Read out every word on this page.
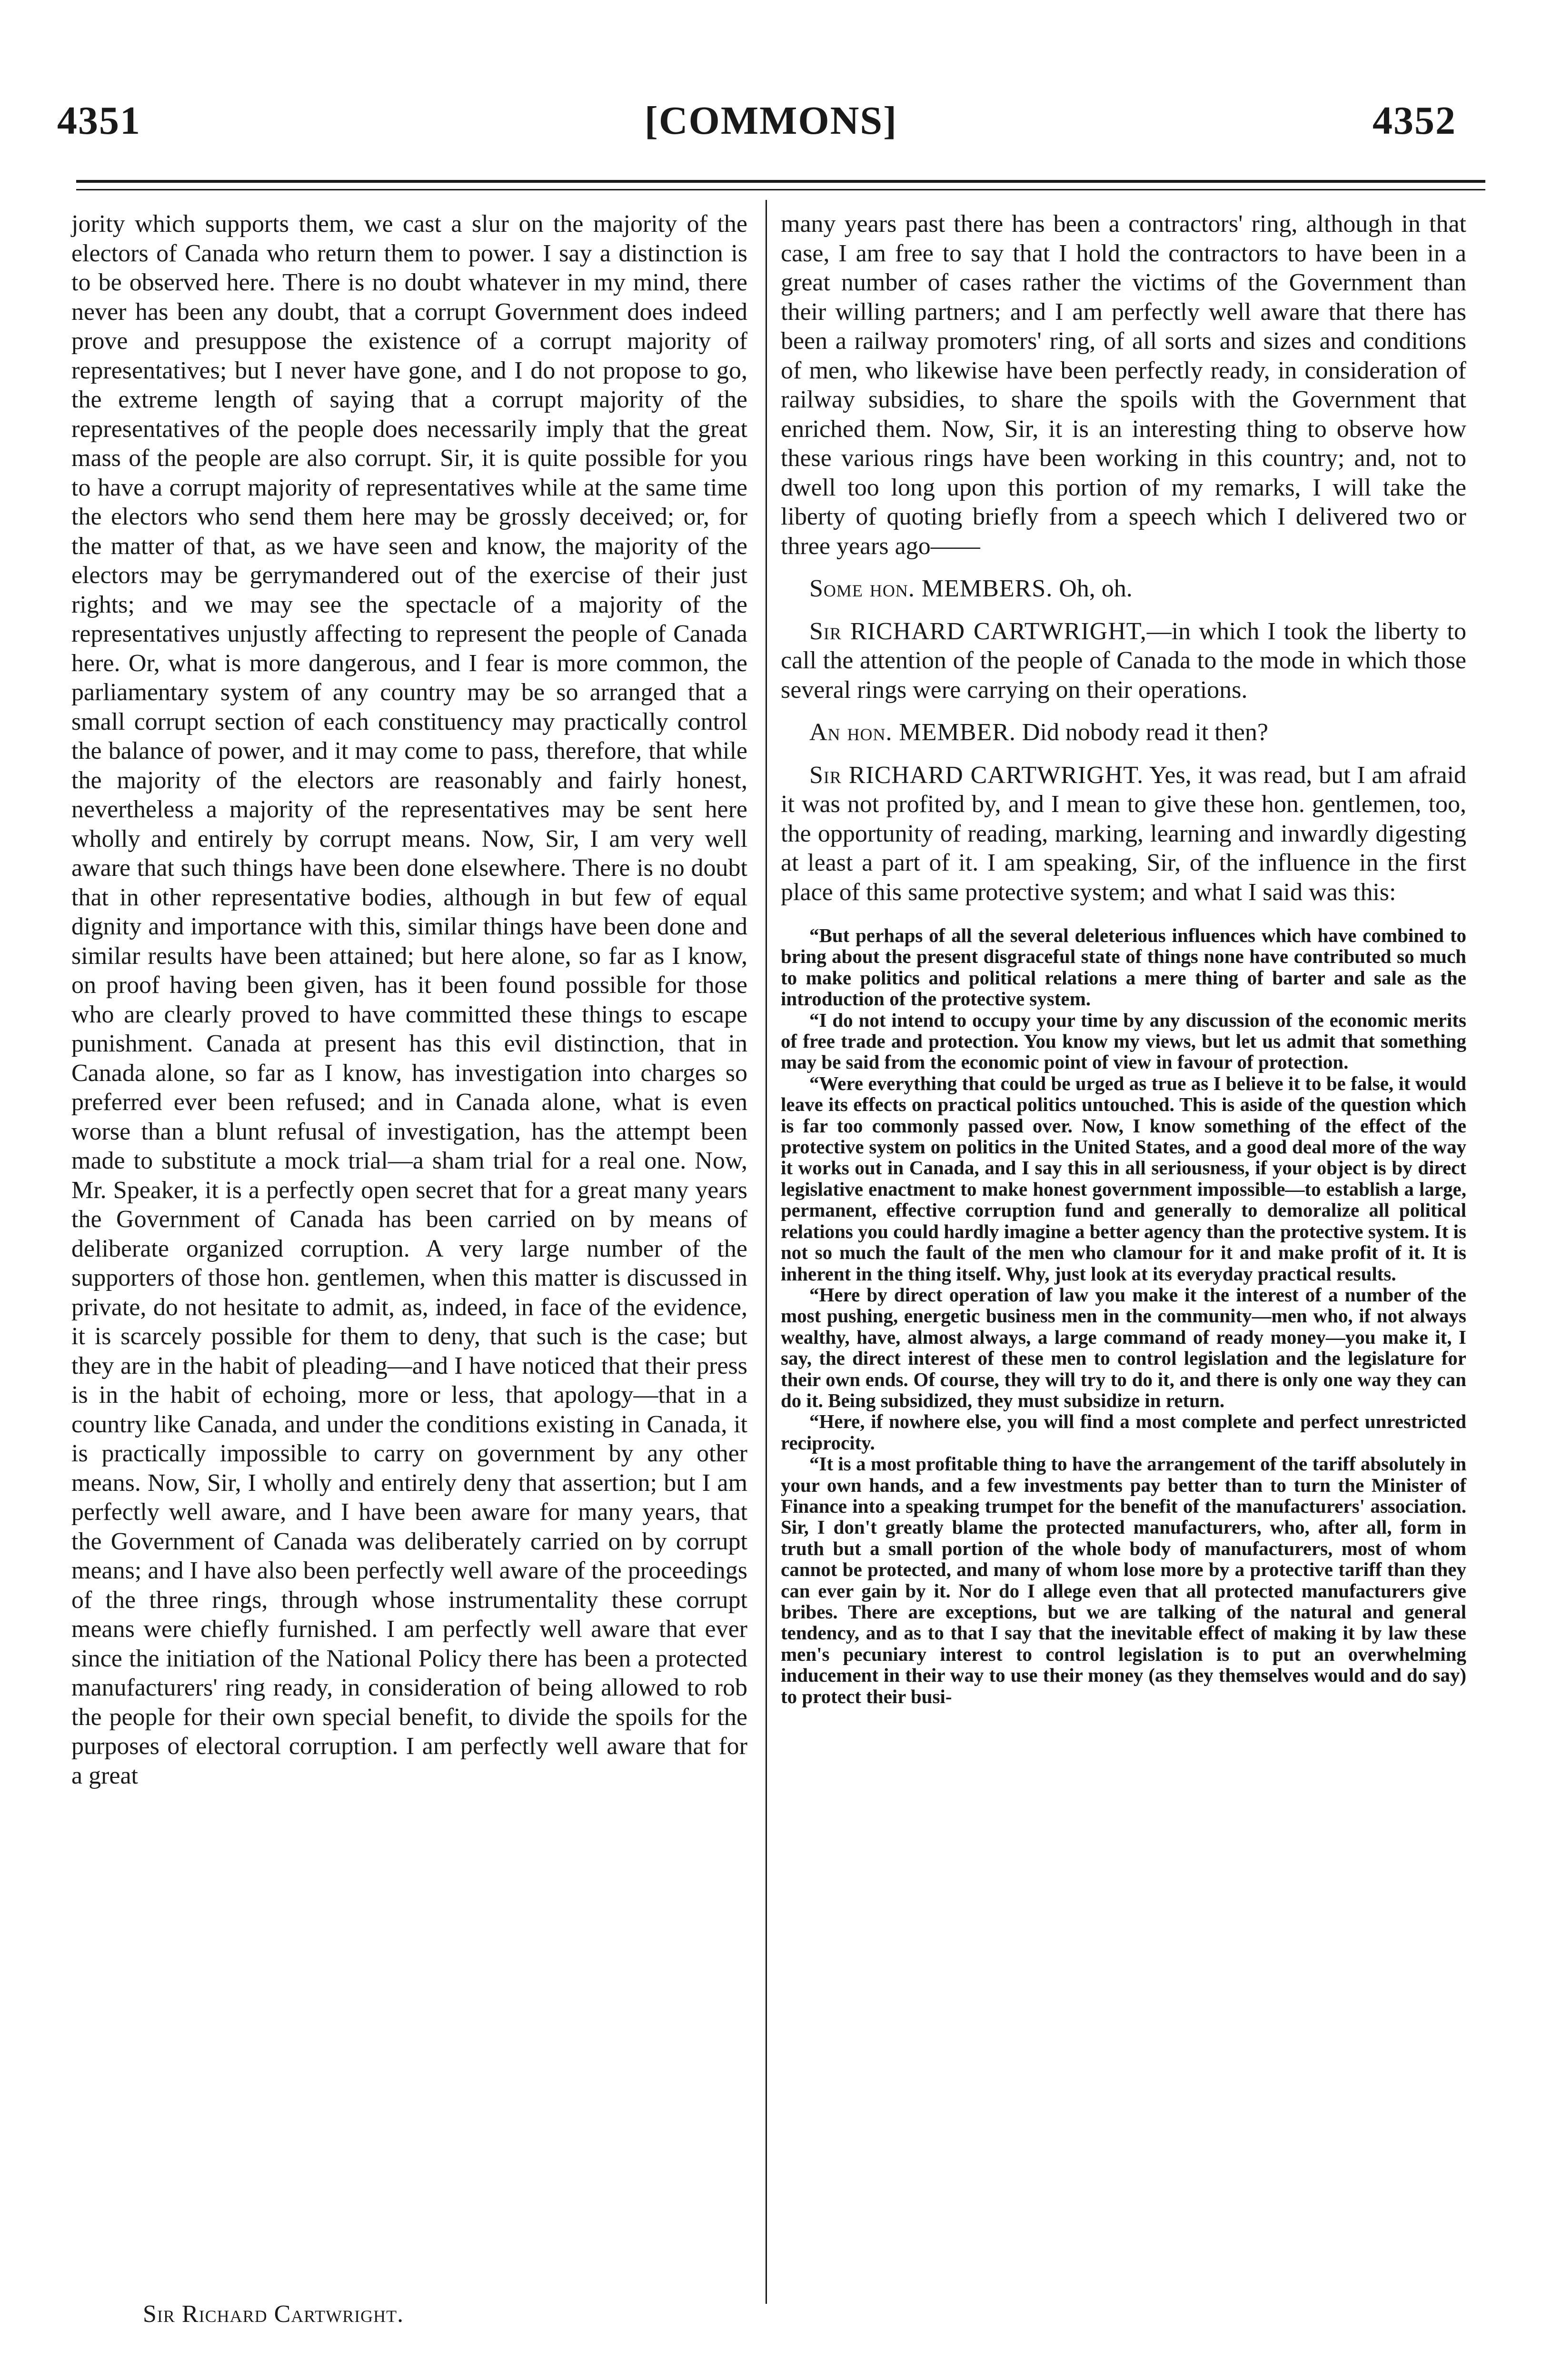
4351	[COMMONS]	4352

jority which supports them, we cast a slur on the majority of the electors of Canada who return them to power. I say a distinction is to be observed here. There is no doubt whatever in my mind, there never has been any doubt, that a corrupt Government does indeed prove and presuppose the existence of a corrupt majority of representatives; but I never have gone, and I do not propose to go, the extreme length of saying that a corrupt majority of the representatives of the people does necessarily imply that the great mass of the people are also corrupt. Sir, it is quite possible for you to have a corrupt majority of representatives while at the same time the electors who send them here may be grossly deceived; or, for the matter of that, as we have seen and know, the majority of the electors may be gerrymandered out of the exercise of their just rights; and we may see the spectacle of a majority of the representatives unjustly affecting to represent the people of Canada here. Or, what is more dangerous, and I fear is more common, the parliamentary system of any country may be so arranged that a small corrupt section of each constituency may practically control the balance of power, and it may come to pass, therefore, that while the majority of the electors are reasonably and fairly honest, nevertheless a majority of the representatives may be sent here wholly and entirely by corrupt means. Now, Sir, I am very well aware that such things have been done elsewhere. There is no doubt that in other representative bodies, although in but few of equal dignity and importance with this, similar things have been done and similar results have been attained; but here alone, so far as I know, on proof having been given, has it been found possible for those who are clearly proved to have committed these things to escape punishment. Canada at present has this evil distinction, that in Canada alone, so far as I know, has investigation into charges so preferred ever been refused; and in Canada alone, what is even worse than a blunt refusal of investigation, has the attempt been made to substitute a mock trial—a sham trial for a real one. Now, Mr. Speaker, it is a perfectly open secret that for a great many years the Government of Canada has been carried on by means of deliberate organized corruption. A very large number of the supporters of those hon. gentlemen, when this matter is discussed in private, do not hesitate to admit, as, indeed, in face of the evidence, it is scarcely possible for them to deny, that such is the case; but they are in the habit of pleading—and I have noticed that their press is in the habit of echoing, more or less, that apology—that in a country like Canada, and under the conditions existing in Canada, it is practically impossible to carry on government by any other means. Now, Sir, I wholly and entirely deny that assertion; but I am perfectly well aware, and I have been aware for many years, that the Government of Canada was deliberately carried on by corrupt means; and I have also been perfectly well aware of the proceedings of the three rings, through whose instrumentality these corrupt means were chiefly furnished. I am perfectly well aware that ever since the initiation of the National Policy there has been a protected manufacturers' ring ready, in consideration of being allowed to rob the people for their own special benefit, to divide the spoils for the purposes of electoral corruption. I am perfectly well aware that for a great

many years past there has been a contractors' ring, although in that case, I am free to say that I hold the contractors to have been in a great number of cases rather the victims of the Government than their willing partners; and I am perfectly well aware that there has been a railway promoters' ring, of all sorts and sizes and conditions of men, who likewise have been perfectly ready, in consideration of railway subsidies, to share the spoils with the Government that enriched them. Now, Sir, it is an interesting thing to observe how these various rings have been working in this country; and, not to dwell too long upon this portion of my remarks, I will take the liberty of quoting briefly from a speech which I delivered two or three years ago——

Some hon. MEMBERS. Oh, oh.

Sir RICHARD CARTWRIGHT,—in which I took the liberty to call the attention of the people of Canada to the mode in which those several rings were carrying on their operations.

An hon. MEMBER. Did nobody read it then?

Sir RICHARD CARTWRIGHT. Yes, it was read, but I am afraid it was not profited by, and I mean to give these hon. gentlemen, too, the opportunity of reading, marking, learning and inwardly digesting at least a part of it. I am speaking, Sir, of the influence in the first place of this same protective system; and what I said was this:

“But perhaps of all the several deleterious influences which have combined to bring about the present disgraceful state of things none have contributed so much to make politics and political relations a mere thing of barter and sale as the introduction of the protective system.
“I do not intend to occupy your time by any discussion of the economic merits of free trade and protection. You know my views, but let us admit that something may be said from the economic point of view in favour of protection.
“Were everything that could be urged as true as I believe it to be false, it would leave its effects on practical politics untouched. This is aside of the question which is far too commonly passed over. Now, I know something of the effect of the protective system on politics in the United States, and a good deal more of the way it works out in Canada, and I say this in all seriousness, if your object is by direct legislative enactment to make honest government impossible—to establish a large, permanent, effective corruption fund and generally to demoralize all political relations you could hardly imagine a better agency than the protective system. It is not so much the fault of the men who clamour for it and make profit of it. It is inherent in the thing itself. Why, just look at its everyday practical results.
“Here by direct operation of law you make it the interest of a number of the most pushing, energetic business men in the community—men who, if not always wealthy, have, almost always, a large command of ready money—you make it, I say, the direct interest of these men to control legislation and the legislature for their own ends. Of course, they will try to do it, and there is only one way they can do it. Being subsidized, they must subsidize in return.
“Here, if nowhere else, you will find a most complete and perfect unrestricted reciprocity.
“It is a most profitable thing to have the arrangement of the tariff absolutely in your own hands, and a few investments pay better than to turn the Minister of Finance into a speaking trumpet for the benefit of the manufacturers' association. Sir, I don't greatly blame the protected manufacturers, who, after all, form in truth but a small portion of the whole body of manufacturers, most of whom cannot be protected, and many of whom lose more by a protective tariff than they can ever gain by it. Nor do I allege even that all protected manufacturers give bribes. There are exceptions, but we are talking of the natural and general tendency, and as to that I say that the inevitable effect of making it by law these men's pecuniary interest to control legislation is to put an overwhelming inducement in their way to use their money (as they themselves would and do say) to protect their busi-
Sir Richard Cartwright.
